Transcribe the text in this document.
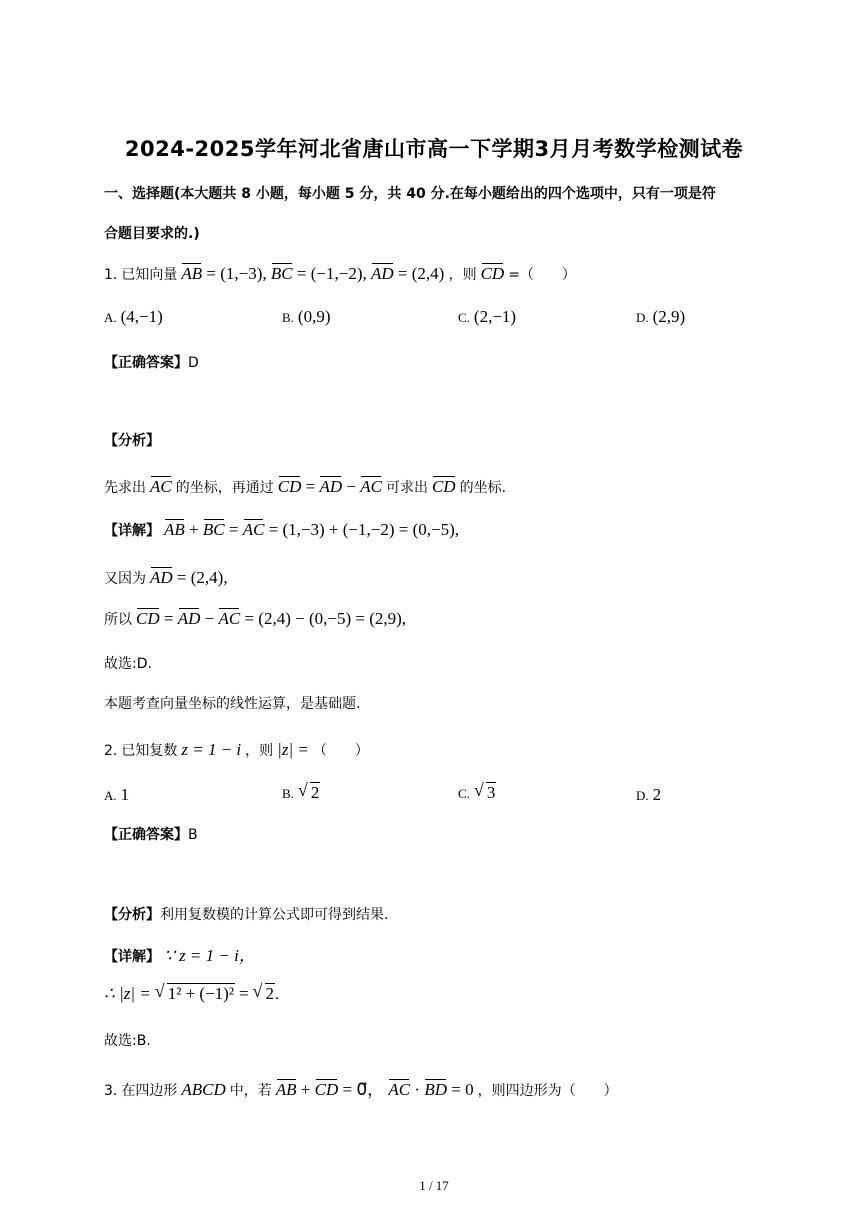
2024-2025学年河北省唐山市高一下学期3月月考数学检测试卷
一、选择题(本大题共 8 小题，每小题 5 分，共 40 分.在每小题给出的四个选项中，只有一项是符
合题目要求的.)
1. 已知向量 AB = (1,−3), BC = (−1,−2), AD = (2,4) ，则 CD =（　　）
A. (4,−1)	B. (0,9)	C. (2,−1)	D. (2,9)
【正确答案】D
【分析】
先求出 AC 的坐标，再通过 CD = AD − AC 可求出 CD 的坐标.
【详解】 AB + BC = AC = (1,−3) + (−1,−2) = (0,−5),
又因为 AD = (2,4),
所以 CD = AD − AC = (2,4) − (0,−5) = (2,9),
故选:D.
本题考查向量坐标的线性运算，是基础题.
2. 已知复数 z = 1 − i ，则 |z| = （　　）
A. 1	B. √ 2	C. √ 3	D. 2
【正确答案】B
【分析】利用复数模的计算公式即可得到结果.
【详解】 ∵ z = 1 − i，
∴ |z| = √ 1² + (−1)² = √ 2.
故选:B.
3. 在四边形 ABCD 中，若 AB + CD = 0⃗， AC · BD = 0 ，则四边形为（　　）
1 / 17
